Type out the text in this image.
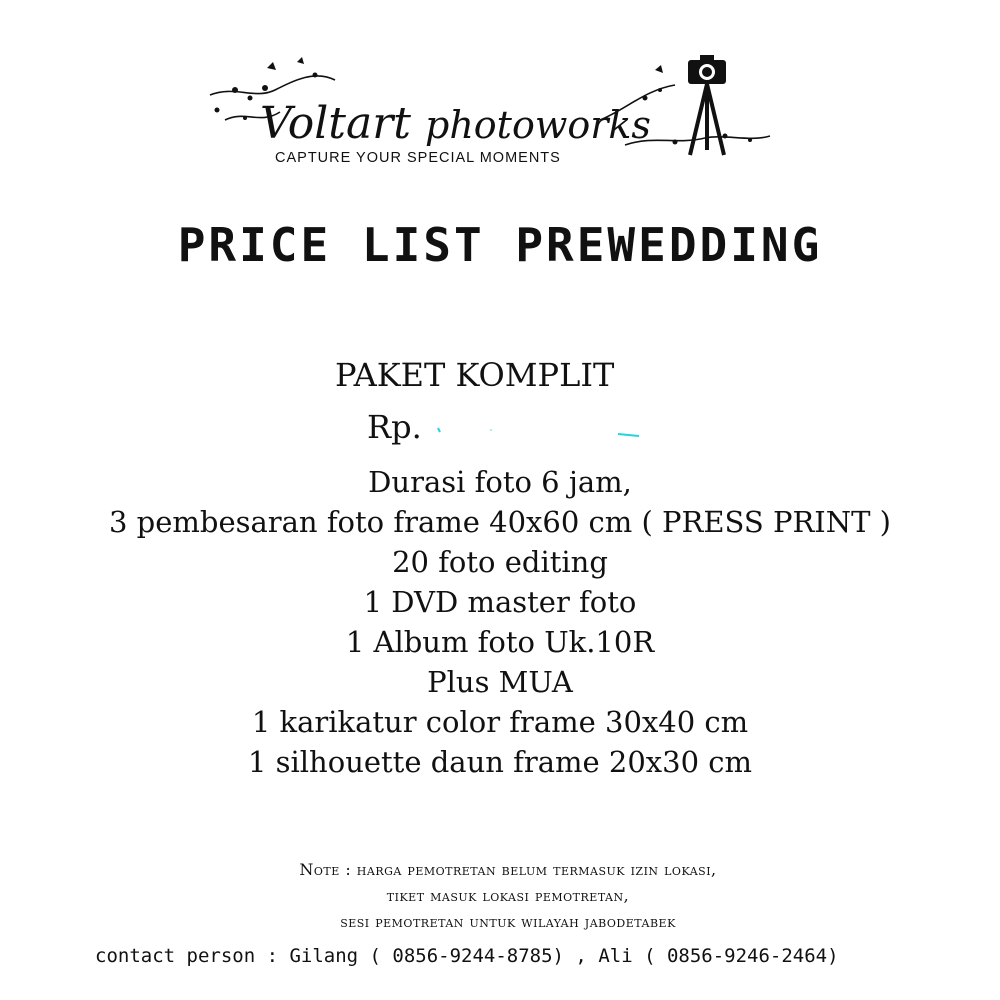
Voltart photoworks
CAPTURE YOUR SPECIAL MOMENTS
PRICE LIST PREWEDDING
PAKET KOMPLIT
Rp.
Durasi foto 6 jam,
3 pembesaran foto frame 40x60 cm ( PRESS PRINT )
20 foto editing
1 DVD master foto
1 Album foto Uk.10R
Plus MUA
1 karikatur color frame 30x40 cm
1 silhouette daun frame 20x30 cm
Note : harga pemotretan belum termasuk izin lokasi,
tiket masuk lokasi pemotretan,
sesi pemotretan untuk wilayah jabodetabek
contact person : Gilang ( 0856-9244-8785) , Ali ( 0856-9246-2464)
